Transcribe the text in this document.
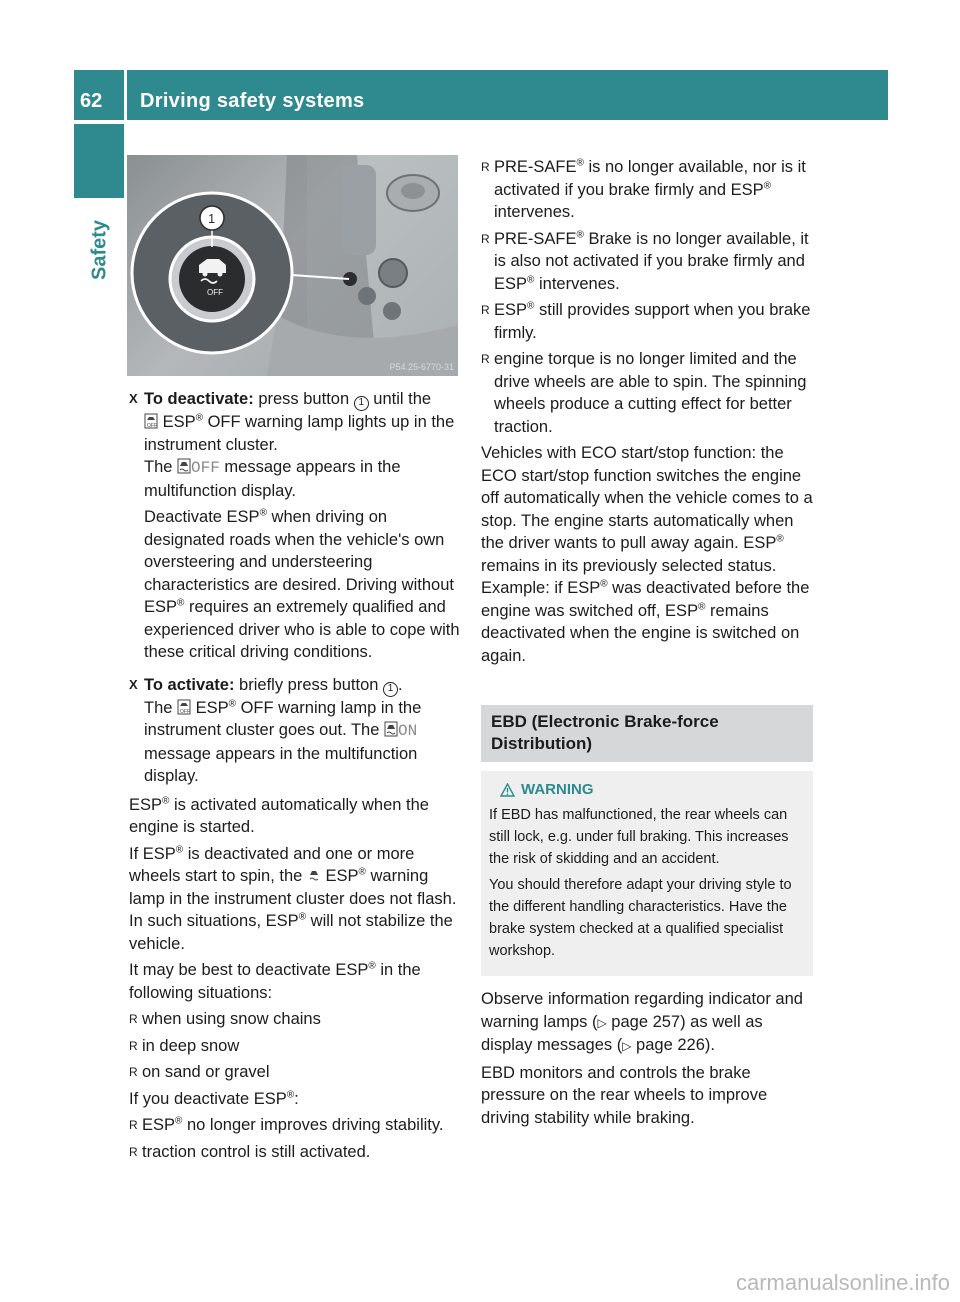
62 Driving safety systems
Safety
OFF
1
P54.25-6770-31
X To deactivate: press button 1 until the

OFF ESP® OFF warning lamp lights up in the instrument cluster.
The OFF message appears in the multifunction display.

Deactivate ESP® when driving on designated roads when the vehicle's own oversteering and understeering characteristics are desired. Driving without ESP® requires an extremely qualified and experienced driver who is able to cope with these critical driving conditions.

X To activate: briefly press button 1 .
The OFF ESP® OFF warning lamp in the instrument cluster goes out. The ON message appears in the multifunction display.

ESP® is activated automatically when the engine is started.

If ESP® is deactivated and one or more wheels start to spin, the  ESP® warning lamp in the instrument cluster does not flash. In such situations, ESP® will not stabilize the vehicle.

It may be best to deactivate ESP® in the following situations:

R when using snow chains
R in deep snow
R on sand or gravel

If you deactivate ESP®:

R ESP® no longer improves driving stability.
R traction control is still activated.
R PRE-SAFE® is no longer available, nor is it activated if you brake firmly and ESP® intervenes.
R PRE-SAFE® Brake is no longer available, it is also not activated if you brake firmly and ESP® intervenes.
R ESP® still provides support when you brake firmly.
R engine torque is no longer limited and the drive wheels are able to spin. The spinning wheels produce a cutting effect for better traction.

Vehicles with ECO start/stop function: the ECO start/stop function switches the engine off automatically when the vehicle comes to a stop. The engine starts automatically when the driver wants to pull away again. ESP® remains in its previously selected status. Example: if ESP® was deactivated before the engine was switched off, ESP® remains deactivated when the engine is switched on again.

EBD (Electronic Brake-force Distribution)
WARNING

If EBD has malfunctioned, the rear wheels can still lock, e.g. under full braking. This increases the risk of skidding and an accident.

You should therefore adapt your driving style to the different handling characteristics. Have the brake system checked at a qualified specialist workshop.

Observe information regarding indicator and warning lamps (▷ page 257) as well as display messages (▷ page 226).

EBD monitors and controls the brake pressure on the rear wheels to improve driving stability while braking.

carmanualsonline.info
